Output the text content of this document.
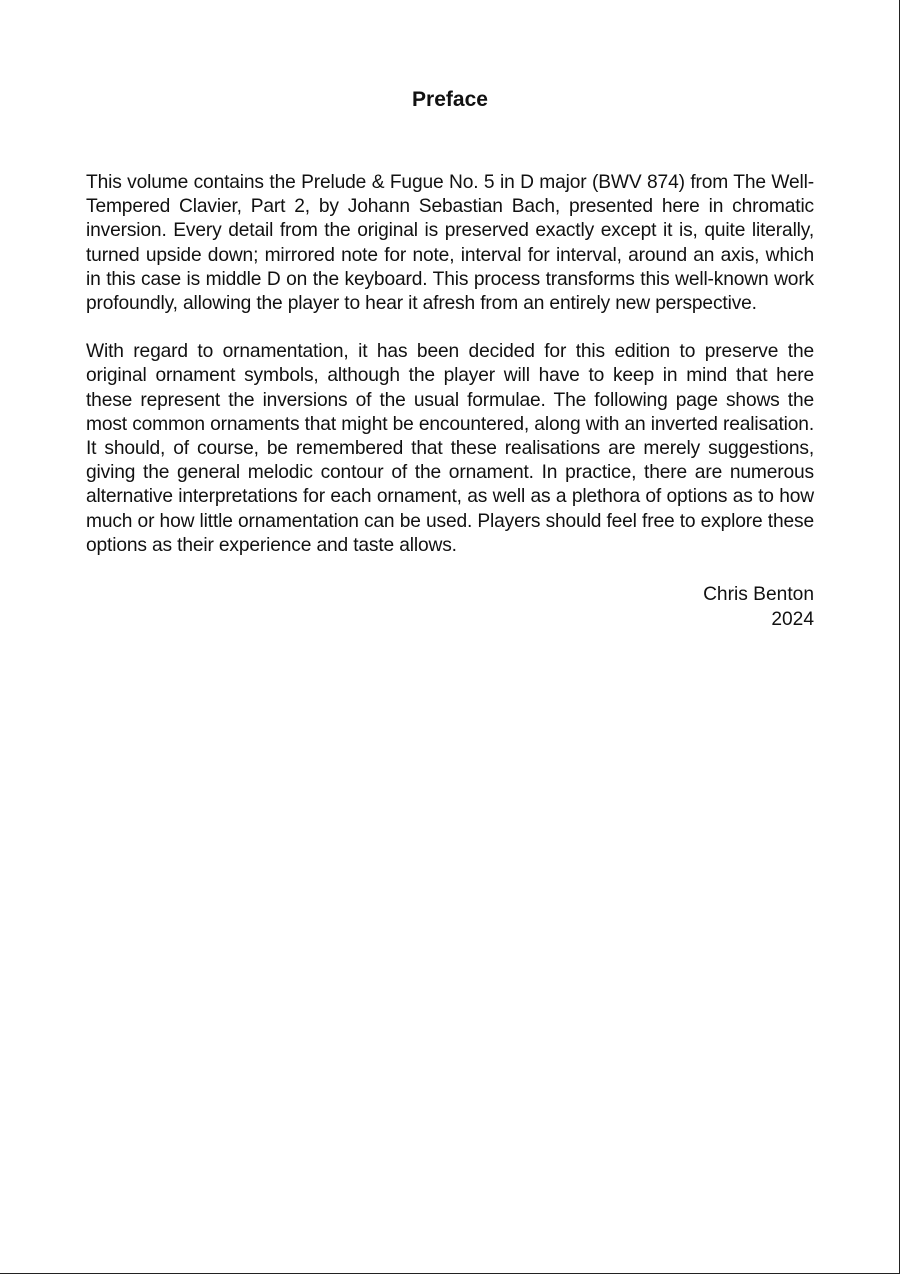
Preface

This volume contains the Prelude & Fugue No. 5 in D major (BWV 874) from The Well-Tempered Clavier, Part 2, by Johann Sebastian Bach, presented here in chromatic inversion. Every detail from the original is preserved exactly except it is, quite literally, turned upside down; mirrored note for note, interval for interval, around an axis, which in this case is middle D on the keyboard. This process transforms this well-known work profoundly, allowing the player to hear it afresh from an entirely new perspective.

With regard to ornamentation, it has been decided for this edition to preserve the original ornament symbols, although the player will have to keep in mind that here these represent the inversions of the usual formulae. The following page shows the most common ornaments that might be encountered, along with an inverted realisation. It should, of course, be remembered that these realisations are merely suggestions, giving the general melodic contour of the ornament. In practice, there are numerous alternative interpretations for each ornament, as well as a plethora of options as to how much or how little ornamentation can be used. Players should feel free to explore these options as their experience and taste allows.

Chris Benton
2024
